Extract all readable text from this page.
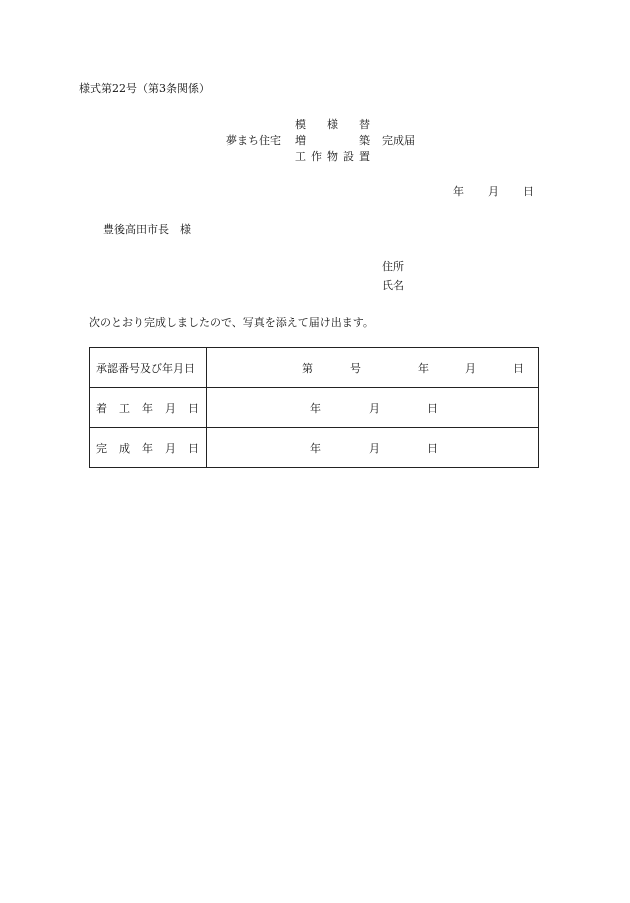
様式第22号（第3条関係）
夢まち住宅
模 様 替
増	築
工 作 物 設 置
完成届
年 月 日
豊後高田市長　様
住所
氏名
次のとおり完成しましたので、写真を添えて届け出ます。
承認番号及び年月日	第 号 年 月 日

着 工 年 月 日	年 月 日

完 成 年 月 日	年 月 日
